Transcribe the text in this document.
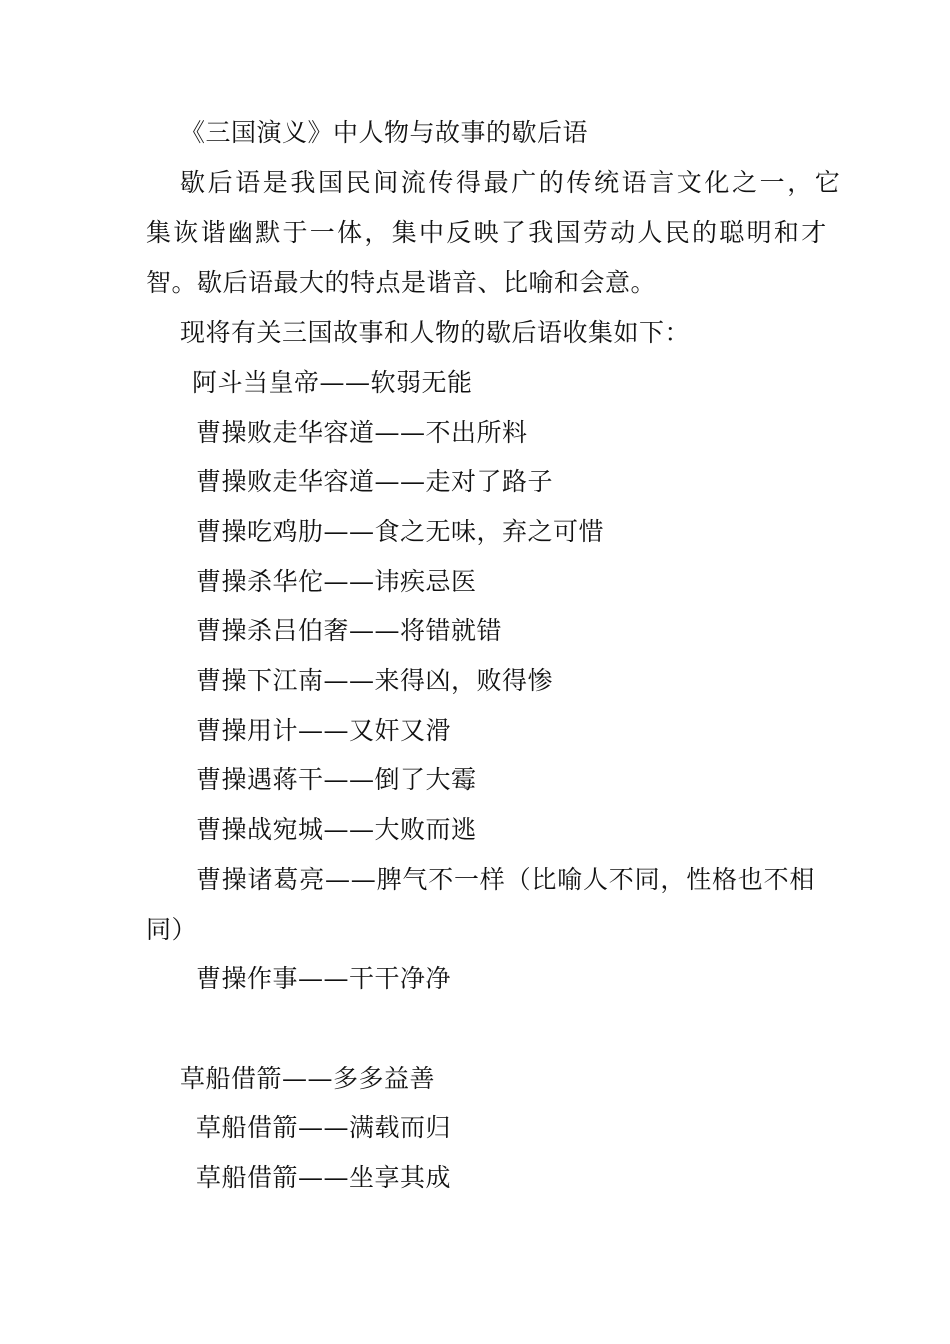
《三国演义》中人物与故事的歇后语
歇后语是我国民间流传得最广的传统语言文化之一，它
集诙谐幽默于一体，集中反映了我国劳动人民的聪明和才
智。歇后语最大的特点是谐音、比喻和会意。
现将有关三国故事和人物的歇后语收集如下：
阿斗当皇帝——软弱无能
曹操败走华容道——不出所料
曹操败走华容道——走对了路子
曹操吃鸡肋——食之无味，弃之可惜
曹操杀华佗——讳疾忌医
曹操杀吕伯奢——将错就错
曹操下江南——来得凶，败得惨
曹操用计——又奸又滑
曹操遇蒋干——倒了大霉
曹操战宛城——大败而逃
曹操诸葛亮——脾气不一样（比喻人不同，性格也不相
同）
曹操作事——干干净净
草船借箭——多多益善
草船借箭——满载而归
草船借箭——坐享其成
